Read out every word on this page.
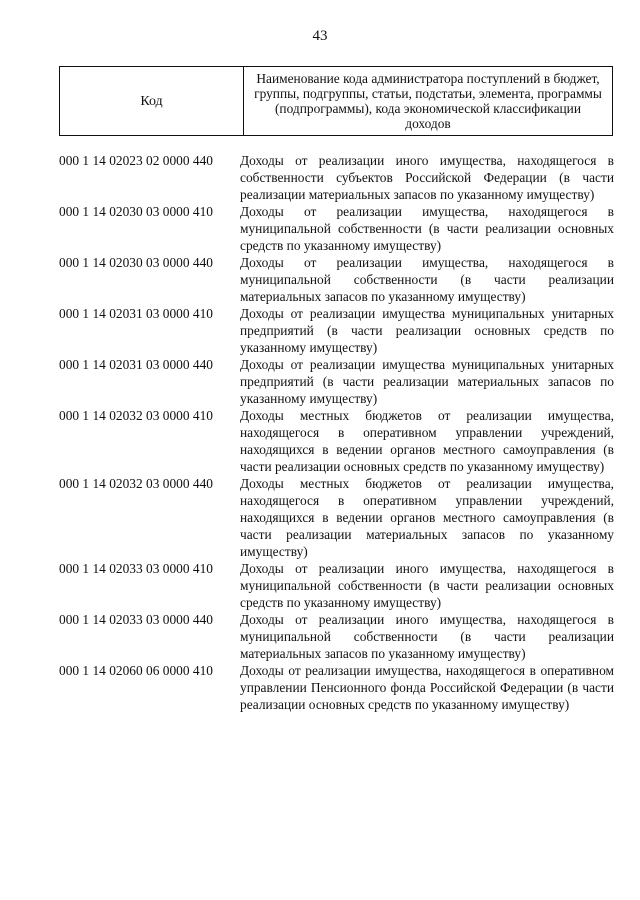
43
Код	Наименование кода администратора поступлений в бюджет, группы, подгруппы, статьи, подстатьи, элемента, программы (подпрограммы), кода экономической классификации доходов
000 1 14 02023 02 0000 440	Доходы от реализации иного имущества, находящегося в собственности субъектов Российской Федерации (в части реализации материальных запасов по указанному имуществу)
000 1 14 02030 03 0000 410	Доходы от реализации имущества, находящегося в муниципальной собственности (в части реализации основных средств по указанному имуществу)
000 1 14 02030 03 0000 440	Доходы от реализации имущества, находящегося в муниципальной собственности (в части реализации материальных запасов по указанному имуществу)
000 1 14 02031 03 0000 410	Доходы от реализации имущества муниципальных унитарных предприятий (в части реализации основных средств по указанному имуществу)
000 1 14 02031 03 0000 440	Доходы от реализации имущества муниципальных унитарных предприятий (в части реализации материальных запасов по указанному имуществу)
000 1 14 02032 03 0000 410	Доходы местных бюджетов от реализации имущества, находящегося в оперативном управлении учреждений, находящихся в ведении органов местного самоуправления (в части реализации основных средств по указанному имуществу)
000 1 14 02032 03 0000 440	Доходы местных бюджетов от реализации имущества, находящегося в оперативном управлении учреждений, находящихся в ведении органов местного самоуправления (в части реализации материальных запасов по указанному имуществу)
000 1 14 02033 03 0000 410	Доходы от реализации иного имущества, находящегося в муниципальной собственности (в части реализации основных средств по указанному имуществу)
000 1 14 02033 03 0000 440	Доходы от реализации иного имущества, находящегося в муниципальной собственности (в части реализации материальных запасов по указанному имуществу)
000 1 14 02060 06 0000 410	Доходы от реализации имущества, находящегося в оперативном управлении Пенсионного фонда Российской Федерации (в части реализации основных средств по указанному имуществу)
